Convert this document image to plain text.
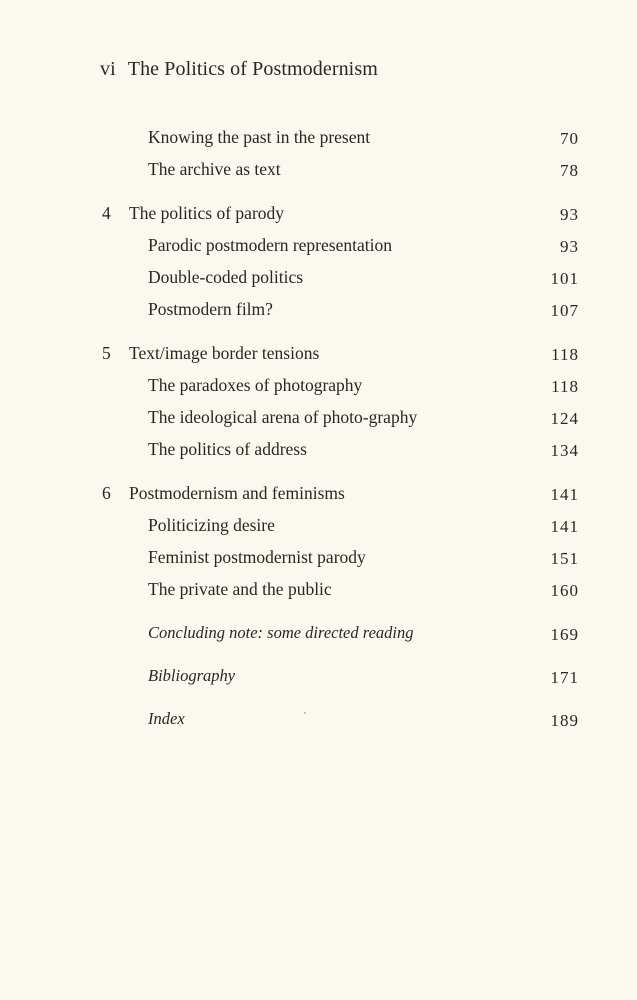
vi The Politics of Postmodernism
Knowing the past in the present	70
The archive as text	78
4 The politics of parody	93
Parodic postmodern representation	93
Double-coded politics	101
Postmodern film?	107
5 Text/image border tensions	118
The paradoxes of photography	118
The ideological arena of photo-graphy	124
The politics of address	134
6 Postmodernism and feminisms	141
Politicizing desire	141
Feminist postmodernist parody	151
The private and the public	160
Concluding note: some directed reading	169
Bibliography	171
Index	189
